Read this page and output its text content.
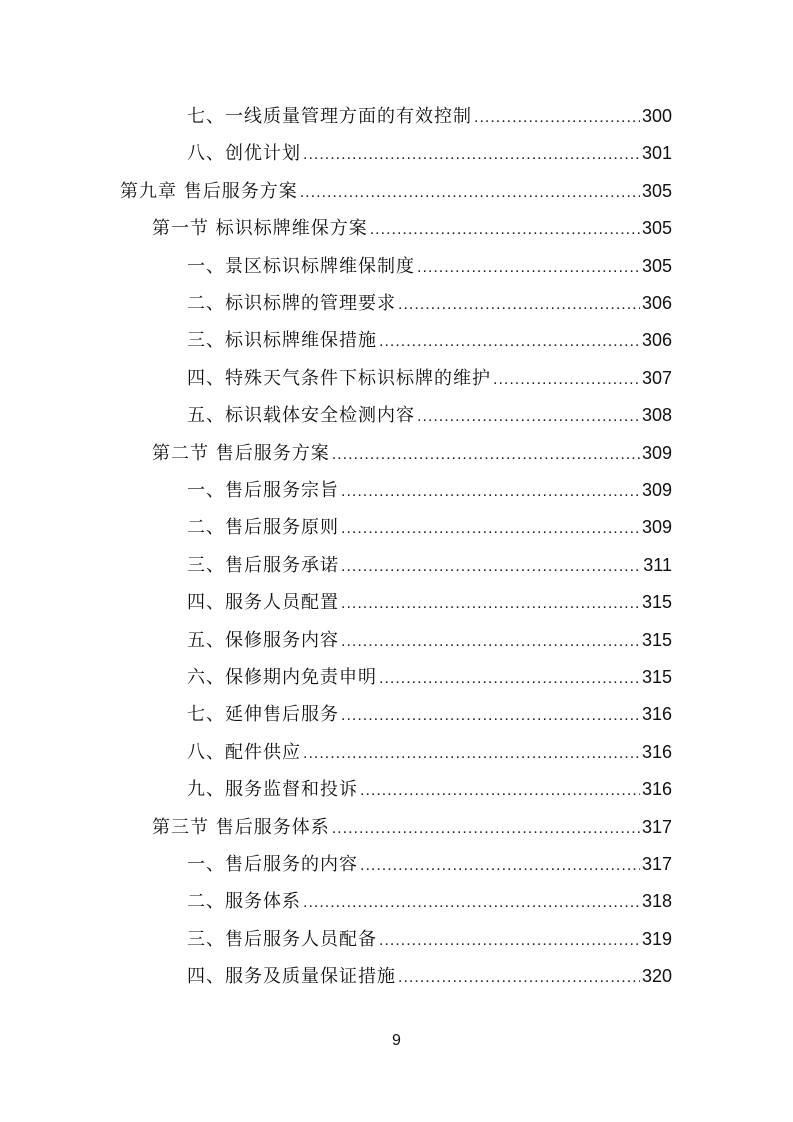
七、一线质量管理方面的有效控制 .....	300
八、创优计划 .....	301
第九章 售后服务方案 .....	305
第一节 标识标牌维保方案 .....	305
一、景区标识标牌维保制度 .....	305
二、标识标牌的管理要求 .....	306
三、标识标牌维保措施 .....	306
四、特殊天气条件下标识标牌的维护 .....	307
五、标识载体安全检测内容 .....	308
第二节 售后服务方案 .....	309
一、售后服务宗旨 .....	309
二、售后服务原则 .....	309
三、售后服务承诺 .....	311
四、服务人员配置 .....	315
五、保修服务内容 .....	315
六、保修期内免责申明 .....	315
七、延伸售后服务 .....	316
八、配件供应 .....	316
九、服务监督和投诉 .....	316
第三节 售后服务体系 .....	317
一、售后服务的内容 .....	317
二、服务体系 .....	318
三、售后服务人员配备 .....	319
四、服务及质量保证措施 .....	320
9
